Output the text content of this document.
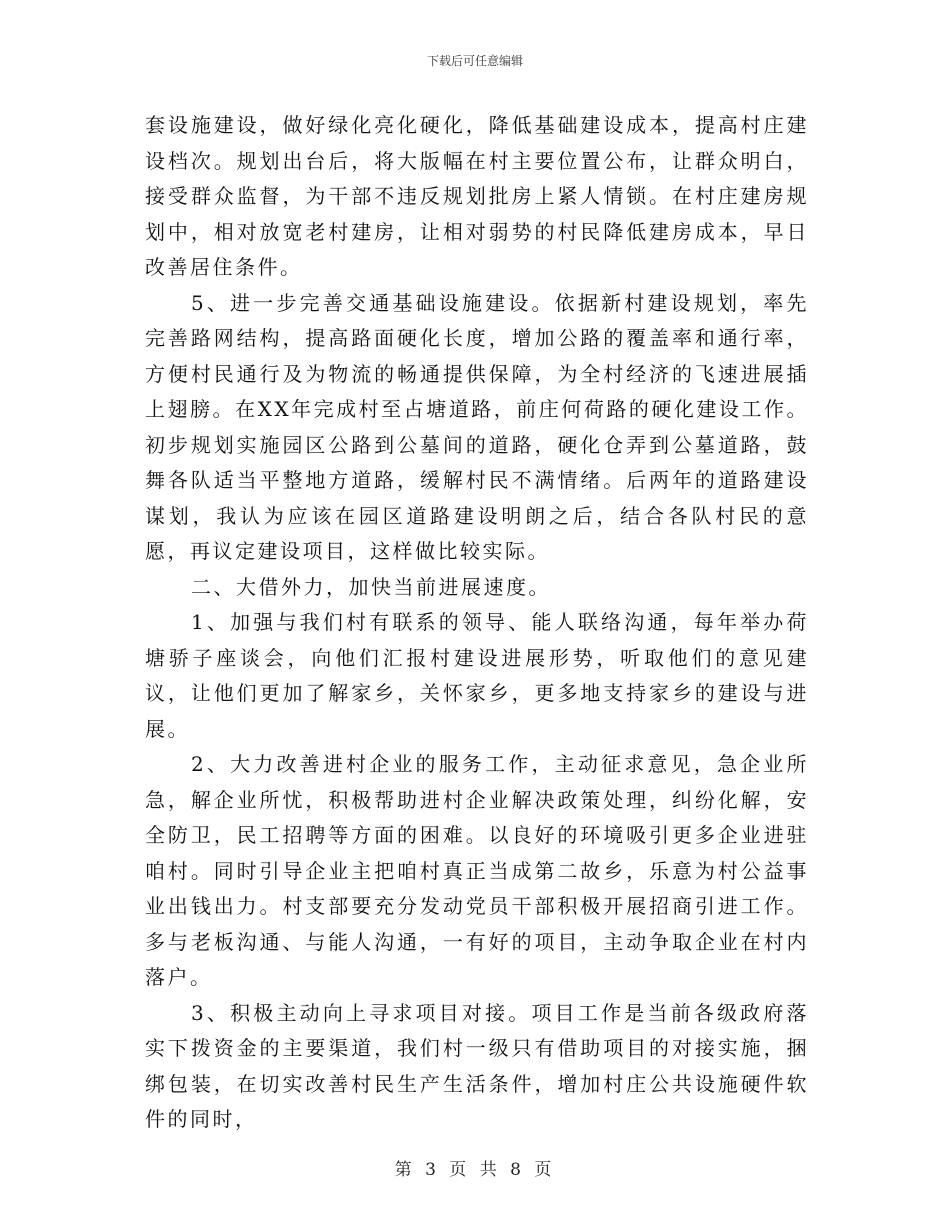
下载后可任意编辑

套设施建设，做好绿化亮化硬化，降低基础建设成本，提高村庄建设档次。规划出台后，将大版幅在村主要位置公布，让群众明白，接受群众监督，为干部不违反规划批房上紧人情锁。在村庄建房规划中，相对放宽老村建房，让相对弱势的村民降低建房成本，早日改善居住条件。

5、进一步完善交通基础设施建设。依据新村建设规划，率先完善路网结构，提高路面硬化长度，增加公路的覆盖率和通行率，方便村民通行及为物流的畅通提供保障，为全村经济的飞速进展插上翅膀。在XX年完成村至占塘道路，前庄何荷路的硬化建设工作。初步规划实施园区公路到公墓间的道路，硬化仓弄到公墓道路，鼓舞各队适当平整地方道路，缓解村民不满情绪。后两年的道路建设谋划，我认为应该在园区道路建设明朗之后，结合各队村民的意愿，再议定建设项目，这样做比较实际。

二、大借外力，加快当前进展速度。

1、加强与我们村有联系的领导、能人联络沟通，每年举办荷塘骄子座谈会，向他们汇报村建设进展形势，听取他们的意见建议，让他们更加了解家乡，关怀家乡，更多地支持家乡的建设与进展。

2、大力改善进村企业的服务工作，主动征求意见，急企业所急，解企业所忧，积极帮助进村企业解决政策处理，纠纷化解，安全防卫，民工招聘等方面的困难。以良好的环境吸引更多企业进驻咱村。同时引导企业主把咱村真正当成第二故乡，乐意为村公益事业出钱出力。村支部要充分发动党员干部积极开展招商引进工作。多与老板沟通、与能人沟通，一有好的项目，主动争取企业在村内落户。

3、积极主动向上寻求项目对接。项目工作是当前各级政府落实下拨资金的主要渠道，我们村一级只有借助项目的对接实施，捆绑包装，在切实改善村民生产生活条件，增加村庄公共设施硬件软件的同时，

第 3 页 共 8 页
